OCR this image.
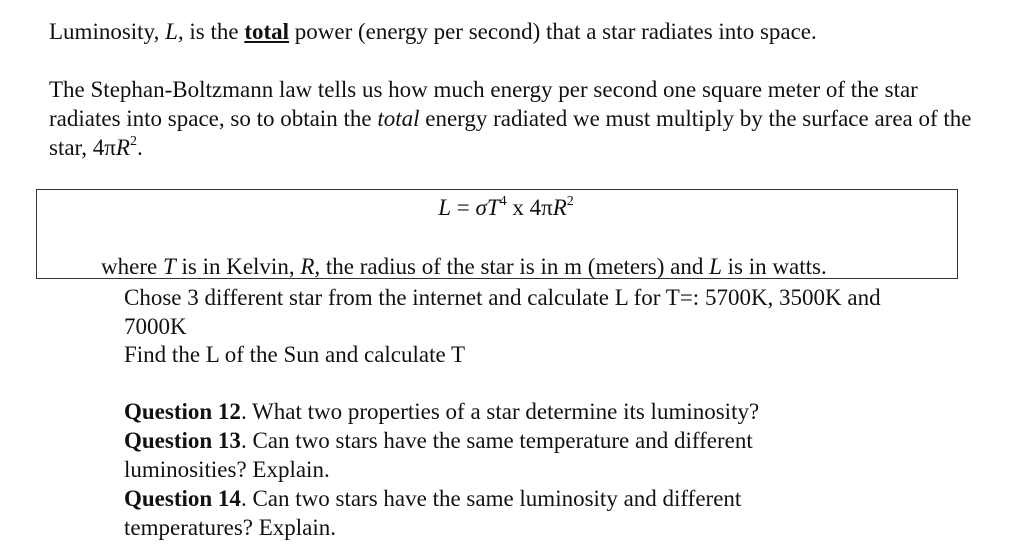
Luminosity, L, is the total power (energy per second) that a star radiates into space.

The Stephan-Boltzmann law tells us how much energy per second one square meter of the star radiates into space, so to obtain the total energy radiated we must multiply by the surface area of the star, $4\pi R^2$.

$L = \sigma T^4$ x $4\pi R^2$
where T is in Kelvin, R, the radius of the star is in m (meters) and L is in watts.

Chose 3 different star from the internet and calculate L for T=: 5700K, 3500K and 7000K

Find the L of the Sun and calculate T

Question 12. What two properties of a star determine its luminosity?

Question 13. Can two stars have the same temperature and different luminosities? Explain.

Question 14. Can two stars have the same luminosity and different temperatures? Explain.
